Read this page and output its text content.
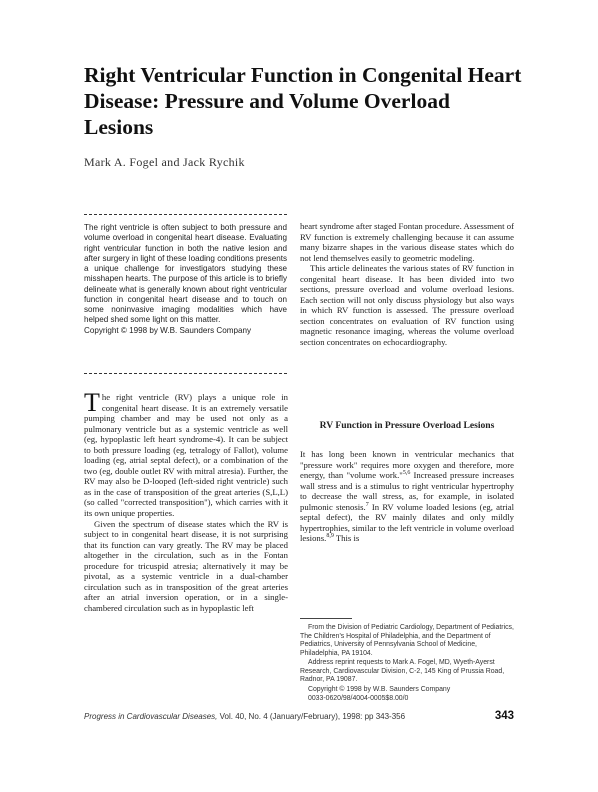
Right Ventricular Function in Congenital Heart Disease: Pressure and Volume Overload Lesions

Mark A. Fogel and Jack Rychik

The right ventricle is often subject to both pressure and volume overload in congenital heart disease. Evaluating right ventricular function in both the native lesion and after surgery in light of these loading conditions presents a unique challenge for investigators studying these misshapen hearts. The purpose of this article is to briefly delineate what is generally known about right ventricular function in congenital heart disease and to touch on some noninvasive imaging modalities which have helped shed some light on this matter.
Copyright © 1998 by W.B. Saunders Company

The right ventricle (RV) plays a unique role in congenital heart disease. It is an extremely versatile pumping chamber and may be used not only as a pulmonary ventricle but as a systemic ventricle as well (eg, hypoplastic left heart syndrome-4). It can be subject to both pressure loading (eg, tetralogy of Fallot), volume loading (eg, atrial septal defect), or a combination of the two (eg, double outlet RV with mitral atresia). Further, the RV may also be D-looped (left-sided right ventricle) such as in the case of transposition of the great arteries (S,L,L) (so called "corrected transposition"), which carries with it its own unique properties.

Given the spectrum of disease states which the RV is subject to in congenital heart disease, it is not surprising that its function can vary greatly. The RV may be placed altogether in the circulation, such as in the Fontan procedure for tricuspid atresia; alternatively it may be pivotal, as a systemic ventricle in a dual-chamber circulation such as in transposition of the great arteries after an atrial inversion operation, or in a single-chambered circulation such as in hypoplastic left

heart syndrome after staged Fontan procedure. Assessment of RV function is extremely challenging because it can assume many bizarre shapes in the various disease states which do not lend themselves easily to geometric modeling.

This article delineates the various states of RV function in congenital heart disease. It has been divided into two sections, pressure overload and volume overload lesions. Each section will not only discuss physiology but also ways in which RV function is assessed. The pressure overload section concentrates on evaluation of RV function using magnetic resonance imaging, whereas the volume overload section concentrates on echocardiography.

RV Function in Pressure Overload Lesions

It has long been known in ventricular mechanics that "pressure work" requires more oxygen and therefore, more energy, than "volume work."$^{5,6}$ Increased pressure increases wall stress and is a stimulus to right ventricular hypertrophy to decrease the wall stress, as, for example, in isolated pulmonic stenosis.$^7$ In RV volume loaded lesions (eg, atrial septal defect), the RV mainly dilates and only mildly hypertrophies, similar to the left ventricle in volume overload lesions.$^{8,9}$ This is

From the Division of Pediatric Cardiology, Department of Pediatrics, The Children's Hospital of Philadelphia, and the Department of Pediatrics, University of Pennsylvania School of Medicine, Philadelphia, PA 19104.

Address reprint requests to Mark A. Fogel, MD, Wyeth-Ayerst Research, Cardiovascular Division, C-2, 145 King of Prussia Road, Radnor, PA 19087.

Copyright © 1998 by W.B. Saunders Company

0033-0620/98/4004-0005$8.00/0

Progress in Cardiovascular Diseases, Vol. 40, No. 4 (January/February), 1998: pp 343-356	343
